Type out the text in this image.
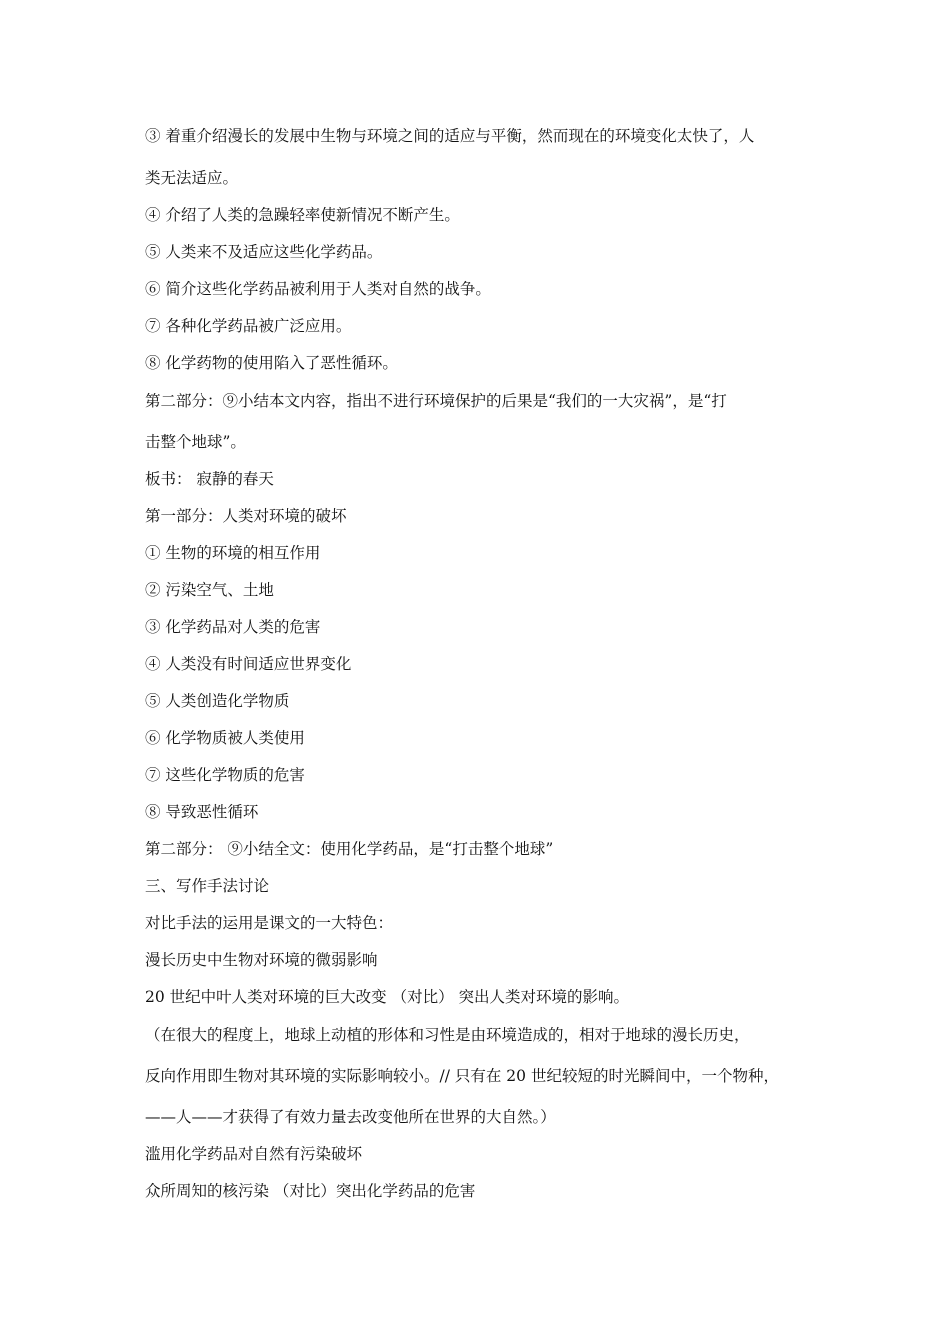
③ 着重介绍漫长的发展中生物与环境之间的适应与平衡，然而现在的环境变化太快了，人
类无法适应。
④ 介绍了人类的急躁轻率使新情况不断产生。
⑤ 人类来不及适应这些化学药品。
⑥ 简介这些化学药品被利用于人类对自然的战争。
⑦ 各种化学药品被广泛应用。
⑧ 化学药物的使用陷入了恶性循环。
第二部分：⑨小结本文内容，指出不进行环境保护的后果是“我们的一大灾祸”，是“打
击整个地球”。
板书： 寂静的春天
第一部分：人类对环境的破坏
① 生物的环境的相互作用
② 污染空气、土地
③ 化学药品对人类的危害
④ 人类没有时间适应世界变化
⑤ 人类创造化学物质
⑥ 化学物质被人类使用
⑦ 这些化学物质的危害
⑧ 导致恶性循环
第二部分： ⑨小结全文：使用化学药品，是“打击整个地球”
三、写作手法讨论
对比手法的运用是课文的一大特色：
漫长历史中生物对环境的微弱影响
20 世纪中叶人类对环境的巨大改变 （对比） 突出人类对环境的影响。
（在很大的程度上，地球上动植的形体和习性是由环境造成的，相对于地球的漫长历史，
反向作用即生物对其环境的实际影响较小。// 只有在 20 世纪较短的时光瞬间中，一个物种，
——人——才获得了有效力量去改变他所在世界的大自然。）
滥用化学药品对自然有污染破坏
众所周知的核污染 （对比）突出化学药品的危害
